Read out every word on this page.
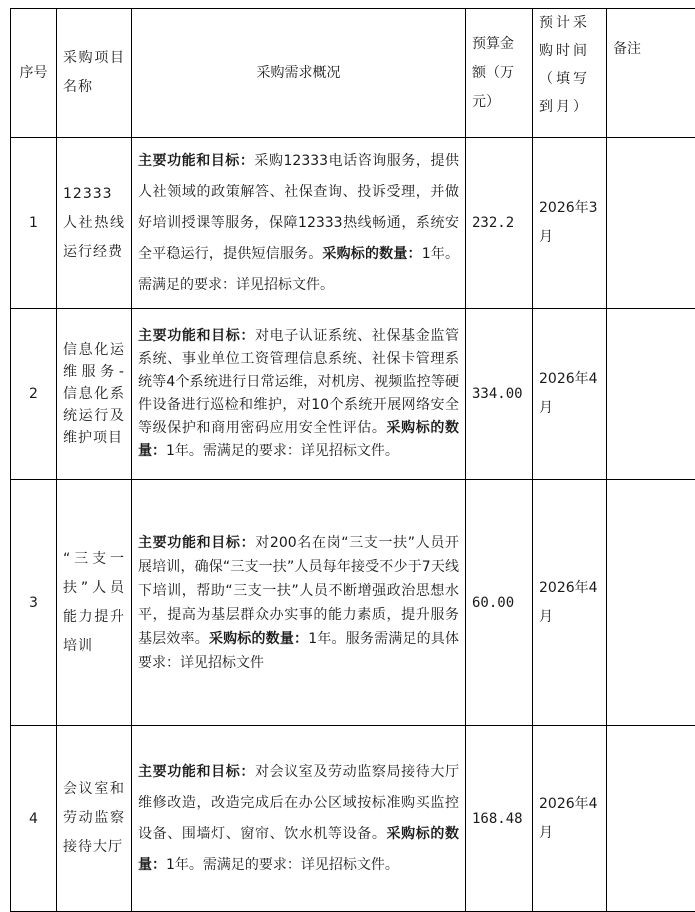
序号	采购项目名称	采购需求概况	预算金额（万元）	预计采购时间（填写到月）	备注
1	12333人社热线运行经费	主要功能和目标：采购12333电话咨询服务，提供人社领域的政策解答、社保查询、投诉受理，并做好培训授课等服务，保障12333热线畅通，系统安全平稳运行，提供短信服务。采购标的数量：1年。需满足的要求：详见招标文件。	232.2	2026年3月	
2	信息化运维服务-信息化系统运行及维护项目	主要功能和目标：对电子认证系统、社保基金监管系统、事业单位工资管理信息系统、社保卡管理系统等4个系统进行日常运维，对机房、视频监控等硬件设备进行巡检和维护，对10个系统开展网络安全等级保护和商用密码应用安全性评估。采购标的数量：1年。需满足的要求：详见招标文件。	334.00	2026年4月	
3	“三支一扶”人员能力提升培训	主要功能和目标：对200名在岗“三支一扶”人员开展培训，确保“三支一扶”人员每年接受不少于7天线下培训，帮助“三支一扶”人员不断增强政治思想水平，提高为基层群众办实事的能力素质，提升服务基层效率。采购标的数量：1年。服务需满足的具体要求：详见招标文件	60.00	2026年4月	
4	会议室和劳动监察接待大厅	主要功能和目标：对会议室及劳动监察局接待大厅维修改造，改造完成后在办公区域按标准购买监控设备、围墙灯、窗帘、饮水机等设备。采购标的数量：1年。需满足的要求：详见招标文件。	168.48	2026年4月	
